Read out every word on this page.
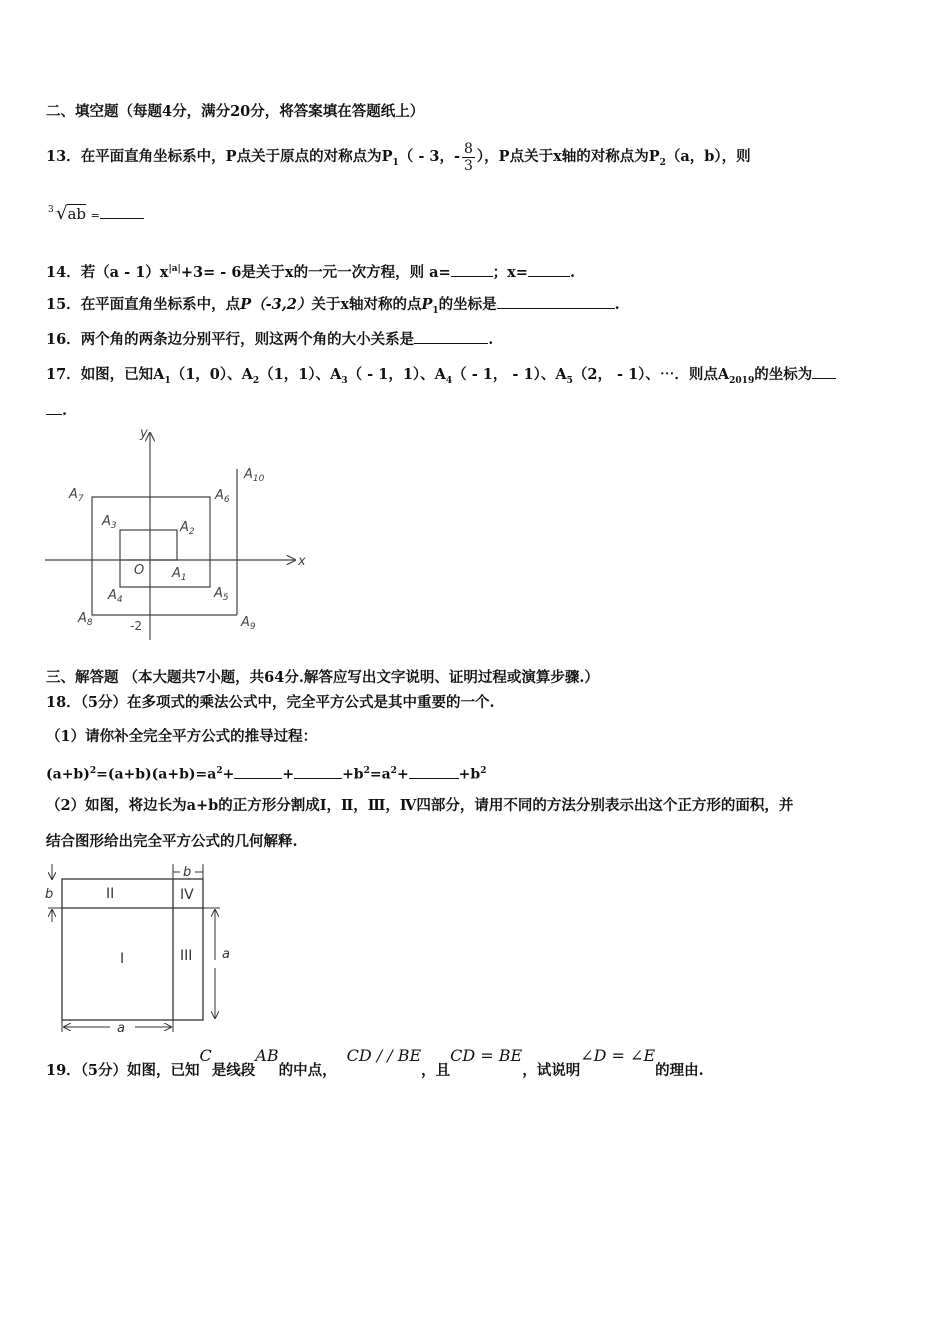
二、填空题（每题4分，满分20分，将答案填在答题纸上）
13．在平面直角坐标系中，P点关于原点的对称点为$P_1( - 3$，- $\frac{8}{3}$ ），P点关于x轴的对称点为$P_2(a$，b），则
3 √ab =
14．若$(a - 1)x^{|a|}+3= - 6$是关于x的一元一次方程，则 a=	；x=	.
15．在平面直角坐标系中，点P（-3,2）关于x轴对称的点$P_1$的坐标是	.
16．两个角的两条边分别平行，则这两个角的大小关系是	.
17．如图，已知$A_1(1$，0）、$A_2(1$，1）、$A_3( - 1$，1）、$A_4( - 1$， - 1）、$A_5(2$， - 1）、⋯．则点$A_{2019}$的坐标为
.
x
y
O
-2
$A_1$
$A_2$
$A_3$
$A_4$	$A_5$
$A_6$
$A_7$
$A_8$	$A_9$
$A_{10}$
三、解答题 （本大题共7小题，共64分.解答应写出文字说明、证明过程或演算步骤.）
18．（5分）在多项式的乘法公式中，完全平方公式是其中重要的一个.
（1）请你补全完全平方公式的推导过程：
$(a+b)^2=(a+b)(a+b)=a^2+$	+	$+b^2=a^2+$	$+b^2$
（2）如图，将边长为a+b的正方形分割成Ⅰ，Ⅱ，Ⅲ，Ⅳ四部分，请用不同的方法分别表示出这个正方形的面积，并
结合图形给出完全平方公式的几何解释.
I
II
III
IV
b
b
a
a
19．（5分）如图，已知C是线段AB的中点，CD / / BE，且CD = BE，试说明∠D = ∠E的理由.
